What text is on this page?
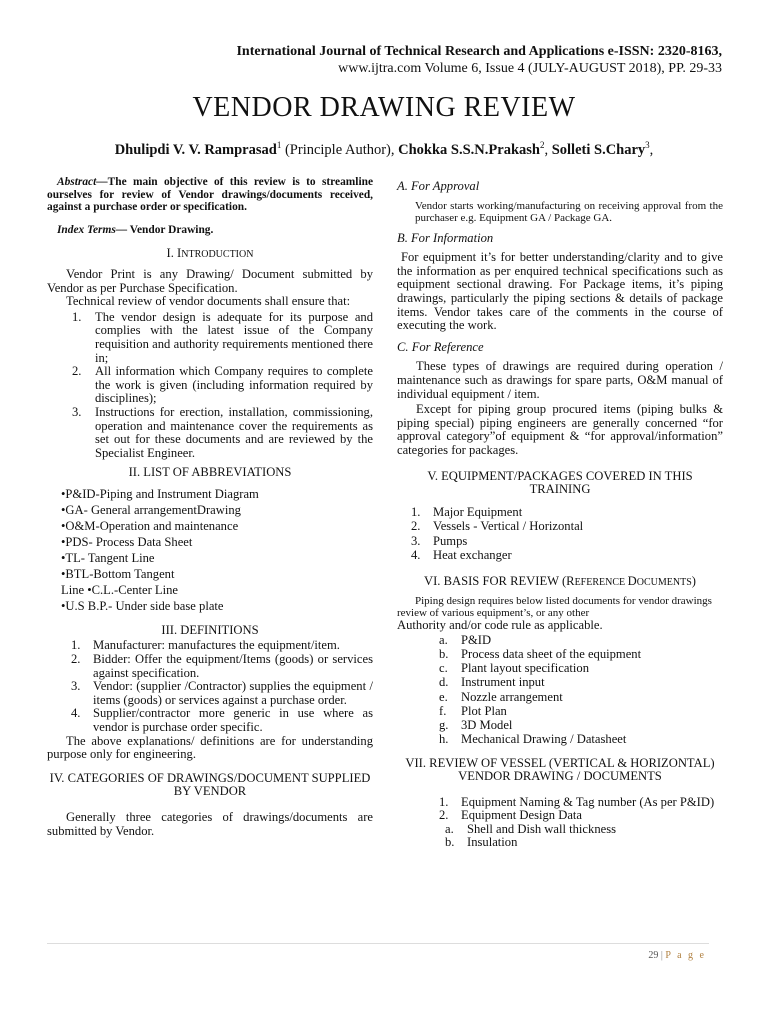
International Journal of Technical Research and Applications e-ISSN: 2320-8163,
www.ijtra.com Volume 6, Issue 4 (JULY-AUGUST 2018), PP. 29-33
VENDOR DRAWING REVIEW
Dhulipdi V. V. Ramprasad$^1$ (Principle Author), Chokka S.S.N.Prakash$^2$, Solleti S.Chary$^3$,

Abstract—The main objective of this review is to streamline ourselves for review of Vendor drawings/documents received, against a purchase order or specification.

Index Terms— Vendor Drawing.

I. INTRODUCTION

Vendor Print is any Drawing/ Document submitted by Vendor as per Purchase Specification.

Technical review of vendor documents shall ensure that:

1. The vendor design is adequate for its purpose and complies with the latest issue of the Company requisition and authority requirements mentioned there in;
2. All information which Company requires to complete the work is given (including information required by disciplines);
3. Instructions for erection, installation, commissioning, operation and maintenance cover the requirements as set out for these documents and are reviewed by the Specialist Engineer.
II. LIST OF ABBREVIATIONS
•P&ID-Piping and Instrument Diagram
•GA- General arrangementDrawing
•O&M-Operation and maintenance
•PDS- Process Data Sheet
•TL- Tangent Line
•BTL-Bottom Tangent
Line •C.L.-Center Line
•U.S B.P.- Under side base plate
III. DEFINITIONS
1. Manufacturer: manufactures the equipment/item.
2. Bidder: Offer the equipment/Items (goods) or services against specification.
3. Vendor: (supplier /Contractor) supplies the equipment / items (goods) or services against a purchase order.
4. Supplier/contractor more generic in use where as vendor is purchase order specific.

The above explanations/ definitions are for understanding purpose only for engineering.

IV. CATEGORIES OF DRAWINGS/DOCUMENT SUPPLIED BY VENDOR

Generally three categories of drawings/documents are submitted by Vendor.

A. For Approval

Vendor starts working/manufacturing on receiving approval from the purchaser e.g. Equipment GA / Package GA.

B. For Information

For equipment it’s for better understanding/clarity and to give the information as per enquired technical specifications such as equipment sectional drawing. For Package items, it’s piping drawings, particularly the piping sections & details of package items. Vendor takes care of the comments in the course of executing the work.

C. For Reference

These types of drawings are required during operation / maintenance such as drawings for spare parts, O&M manual of individual equipment / item.

Except for piping group procured items (piping bulks & piping special) piping engineers are generally concerned “for approval category”of equipment & “for approval/information” categories for packages.

V. EQUIPMENT/PACKAGES COVERED IN THIS TRAINING
1. Major Equipment
2. Vessels - Vertical / Horizontal
3. Pumps
4. Heat exchanger
VI. BASIS FOR REVIEW (REFERENCE DOCUMENTS)

Piping design requires below listed documents for vendor drawings review of various equipment’s, or any other

Authority and/or code rule as applicable.

a. P&ID
b. Process data sheet of the equipment
c. Plant layout specification
d. Instrument input
e. Nozzle arrangement
f. Plot Plan
g. 3D Model
h. Mechanical Drawing / Datasheet
VII. REVIEW OF VESSEL (VERTICAL & HORIZONTAL) VENDOR DRAWING / DOCUMENTS
1. Equipment Naming & Tag number (As per P&ID)
2. Equipment Design Data
a. Shell and Dish wall thickness
b. Insulation
29 | P a g e
